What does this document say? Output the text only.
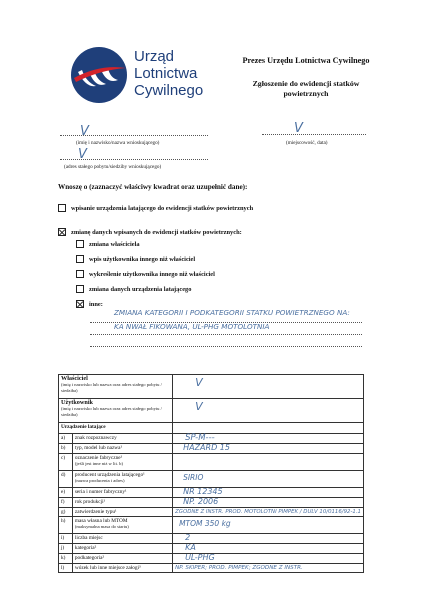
Urząd
Lotnictwa
Cywilnego
Prezes Urzędu Lotnictwa Cywilnego
Zgłoszenie do ewidencji statków
powietrznych
V
(imię i nazwisko/nazwa wnioskującego)
V
(miejscowość, data)
V
(adres stałego pobytu/siedziby wnioskującego)
Wnoszę o (zaznaczyć właściwy kwadrat oraz uzupełnić dane):
wpisanie urządzenia latającego do ewidencji statków powietrznych
zmianę danych wpisanych do ewidencji statków powietrznych:
zmiana właściciela
wpis użytkownika innego niż właściciel
wykreślenie użytkownika innego niż właściciel
zmiana danych urządzenia latającego
inne:
ZMIANA KATEGORII I PODKATEGORII STATKU POWIETRZNEGO NA:
KA NWAŁ FIKOWANA, UL-PHG MOTOLOTNIA
Właściciel
(imię i nazwisko lub nazwa oraz adres stałego pobytu / siedziba)		V

Użytkownik
(imię i nazwisko lub nazwa oraz adres stałego pobytu / siedziba)		V
Urządzenie latające		
a)	znak rozpoznawczy	SP-M---
b)	typ, model lub nazwa¹	HAZARD 15
c)	oznaczenie fabryczne¹
(jeśli jest inne niż w lit. b)	

d)	producent urządzenia latającego¹
(nazwa producenta i adres)	SIRIO
e)	seria i numer fabryczny¹	NR 12345
f)	rok produkcji¹	NP. 2006
g)	zatwierdzenie typu¹	ZGODNE Z INSTR. PROD. MOTOLOTNI PIMPEK / DULV 10/0116/92-1.1
h)	masa własna lub MTOM
(maksymalna masa do startu)	MTOM 350 kg
i)	liczba miejsc	2
j)	kategoria²	KA
k)	podkategoria²	UL-PHG
l)	wózek lub inne miejsce załogi³	NP. SKIPER; PROD. PIMPEK; ZGODNE Z INSTR.
